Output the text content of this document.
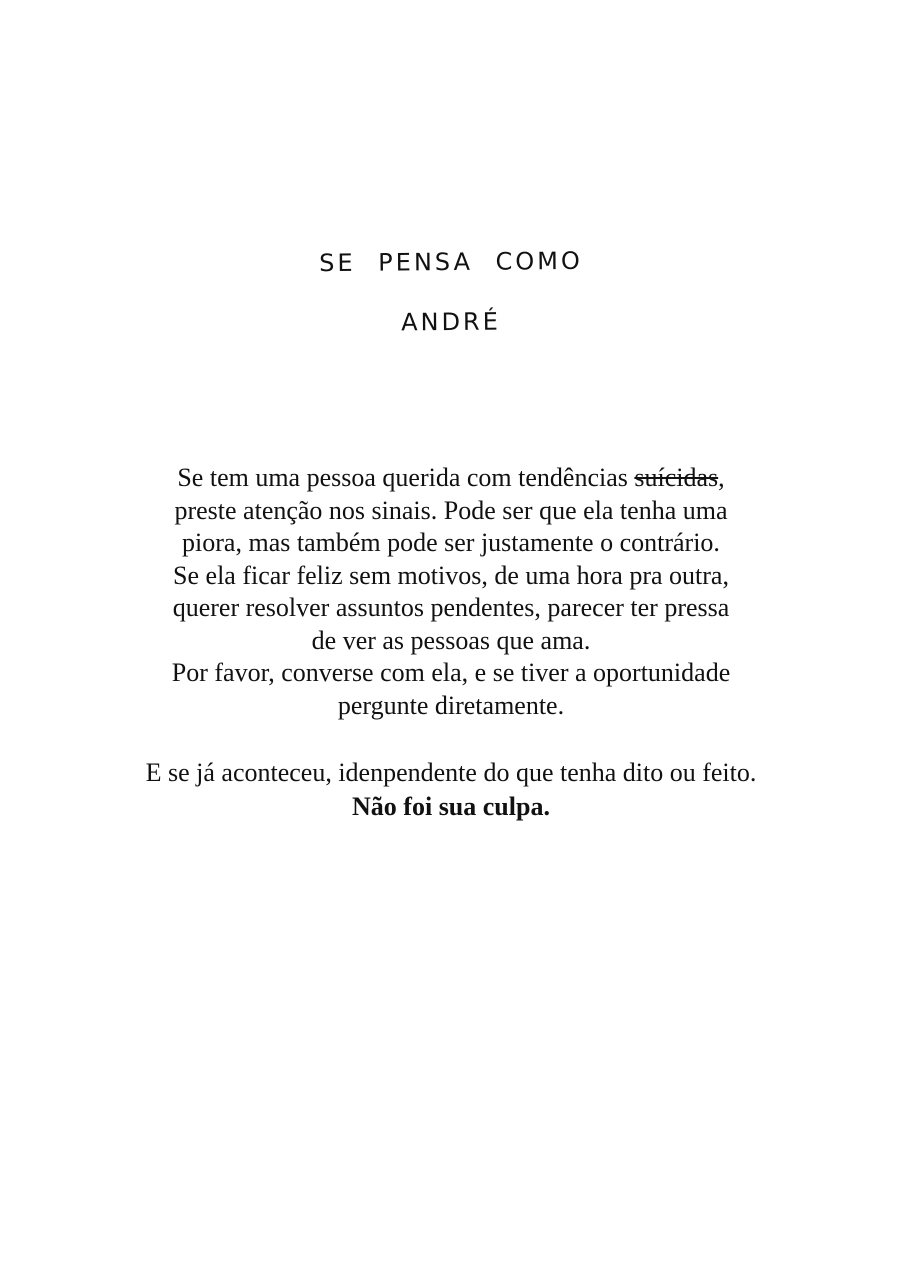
SE PENSA COMO
ANDRÉ
Se tem uma pessoa querida com tendências suícidas,
preste atenção nos sinais. Pode ser que ela tenha uma
piora, mas também pode ser justamente o contrário.
Se ela ficar feliz sem motivos, de uma hora pra outra,
querer resolver assuntos pendentes, parecer ter pressa
de ver as pessoas que ama.
Por favor, converse com ela, e se tiver a oportunidade
pergunte diretamente.
E se já aconteceu, idenpendente do que tenha dito ou feito.
Não foi sua culpa.
